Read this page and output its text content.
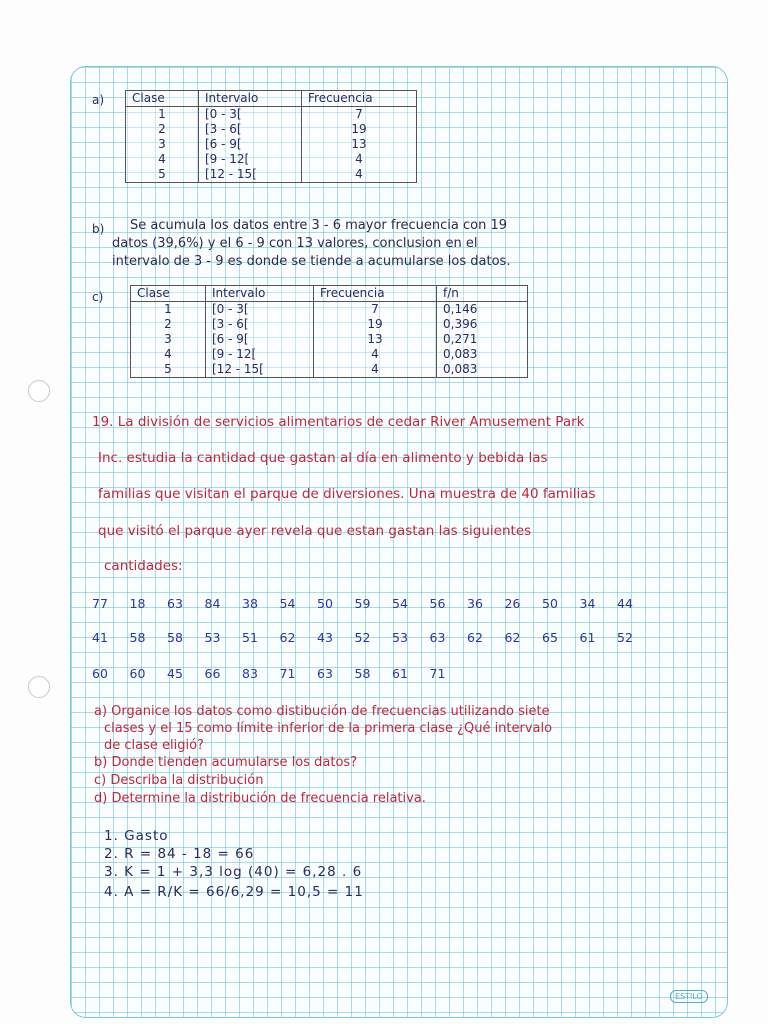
a) Clase	Intervalo	Frecuencia
1	[0 - 3[	7
2	[3 - 6[	19
3	[6 - 9[	13
4	[9 - 12[	4
5	[12 - 15[	4
b) Se acumula los datos entre 3 - 6 mayor frecuencia con 19
datos (39,6%) y el 6 - 9 con 13 valores, conclusion en el
intervalo de 3 - 9 es donde se tiende a acumularse los datos.
c)	Clase	Intervalo	Frecuencia	f/n
1	[0 - 3[	7	0,146
2	[3 - 6[	19	0,396
3	[6 - 9[	13	0,271
4	[9 - 12[	4	0,083
5	[12 - 15[	4	0,083
19. La división de servicios alimentarios de cedar River Amusement Park
Inc. estudia la cantidad que gastan al día en alimento y bebida las
familias que visitan el parque de diversiones. Una muestra de 40 familias
que visitó el parque ayer revela que estan gastan las siguientes
cantidades:
77	18	63	84	38	54	50	59	54	56	36	26	50	34	44
41	58	58	53	51	62	43	52	53	63	62	62	65	61	52
60	60	45	66	83	71	63	58	61	71
a) Organice los datos como distibución de frecuencias utilizando siete
clases y el 15 como límite inferior de la primera clase ¿Qué intervalo
de clase eligió?
b) Donde tienden acumularse los datos?
c) Describa la distribución
d) Determine la distribución de frecuencia relativa.
1. Gasto
2. R = 84 - 18 = 66
3. K = 1 + 3,3 log (40) = 6,28 . 6
4. A = R/K = 66/6,29 = 10,5 = 11
ESTILO
